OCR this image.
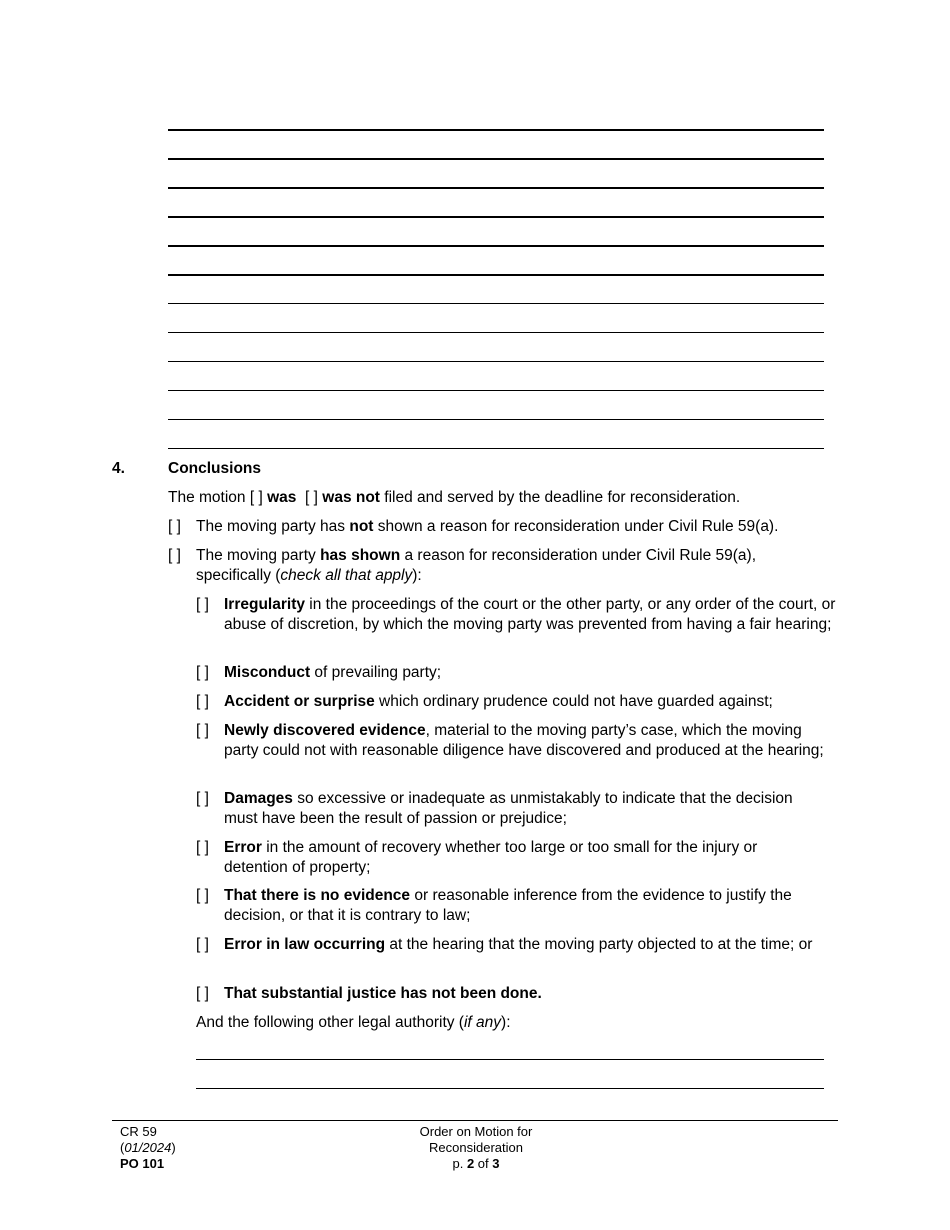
4.	Conclusions
The motion [ ] was [ ] was not filed and served by the deadline for reconsideration.
[ ] The moving party has not shown a reason for reconsideration under Civil Rule 59(a).
[ ] The moving party has shown a reason for reconsideration under Civil Rule 59(a),
specifically (check all that apply):
[ ] Irregularity in the proceedings of the court or the other party, or any order of the court, or abuse of discretion, by which the moving party was prevented from having a fair hearing;
[ ] Misconduct of prevailing party;
[ ] Accident or surprise which ordinary prudence could not have guarded against;
[ ] Newly discovered evidence, material to the moving party’s case, which the moving party could not with reasonable diligence have discovered and produced at the hearing;
[ ] Damages so excessive or inadequate as unmistakably to indicate that the decision must have been the result of passion or prejudice;
[ ] Error in the amount of recovery whether too large or too small for the injury or detention of property;
[ ] That there is no evidence or reasonable inference from the evidence to justify the decision, or that it is contrary to law;
[ ] Error in law occurring at the hearing that the moving party objected to at the time; or
[ ] That substantial justice has not been done.
And the following other legal authority (if any):
CR 59
(01/2024)
PO 101
Order on Motion for
Reconsideration
p. 2 of 3
